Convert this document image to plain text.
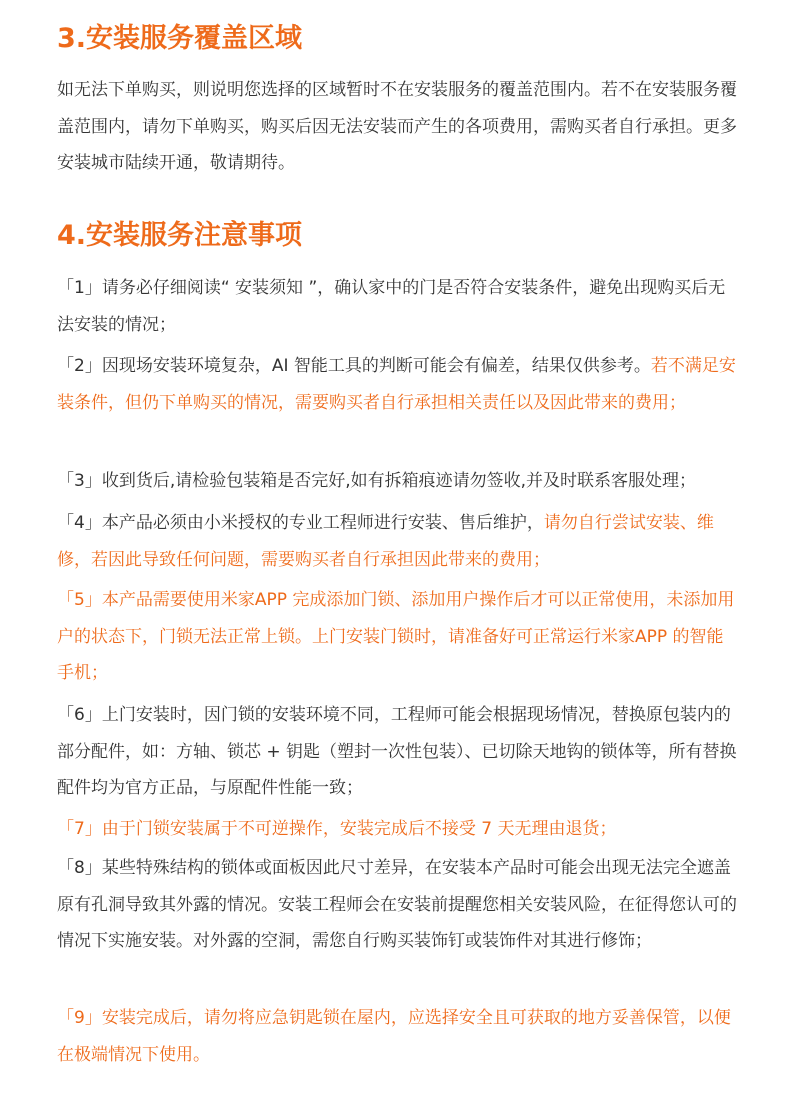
3.安装服务覆盖区域

如无法下单购买，则说明您选择的区域暂时不在安装服务的覆盖范围内。若不在安装服务覆盖范围内，请勿下单购买，购买后因无法安装而产生的各项费用，需购买者自行承担。更多安装城市陆续开通，敬请期待。

4.安装服务注意事项

「1」请务必仔细阅读“ 安装须知 ”，确认家中的门是否符合安装条件，避免出现购买后无法安装的情况；

「2」因现场安装环境复杂，AI 智能工具的判断可能会有偏差，结果仅供参考。若不满足安装条件，但仍下单购买的情况，需要购买者自行承担相关责任以及因此带来的费用；

「3」收到货后,请检验包装箱是否完好,如有拆箱痕迹请勿签收,并及时联系客服处理；

「4」本产品必须由小米授权的专业工程师进行安装、售后维护，请勿自行尝试安装、维修，若因此导致任何问题，需要购买者自行承担因此带来的费用；

「5」本产品需要使用米家APP 完成添加门锁、添加用户操作后才可以正常使用，未添加用户的状态下，门锁无法正常上锁。上门安装门锁时，请准备好可正常运行米家APP 的智能手机；

「6」上门安装时，因门锁的安装环境不同，工程师可能会根据现场情况，替换原包装内的部分配件，如：方轴、锁芯 + 钥匙（塑封一次性包装）、已切除天地钩的锁体等，所有替换配件均为官方正品，与原配件性能一致；

「7」由于门锁安装属于不可逆操作，安装完成后不接受 7 天无理由退货；

「8」某些特殊结构的锁体或面板因此尺寸差异，在安装本产品时可能会出现无法完全遮盖原有孔洞导致其外露的情况。安装工程师会在安装前提醒您相关安装风险，在征得您认可的情况下实施安装。对外露的空洞，需您自行购买装饰钉或装饰件对其进行修饰；

「9」安装完成后，请勿将应急钥匙锁在屋内，应选择安全且可获取的地方妥善保管，以便在极端情况下使用。
